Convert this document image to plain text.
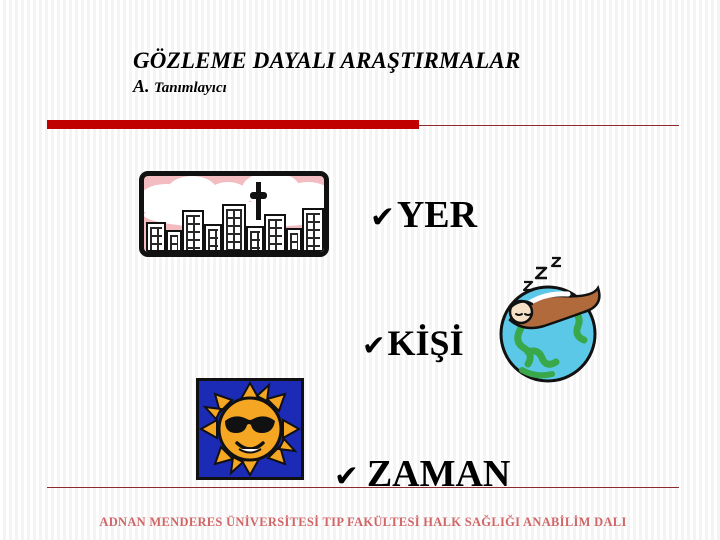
GÖZLEME DAYALI ARAŞTIRMALAR
A. Tanımlayıcı
✔YER
✔KİŞİ
✔ ZAMAN
ADNAN MENDERES ÜNİVERSİTESİ TIP FAKÜLTESİ HALK SAĞLIĞI ANABİLİM DALI
